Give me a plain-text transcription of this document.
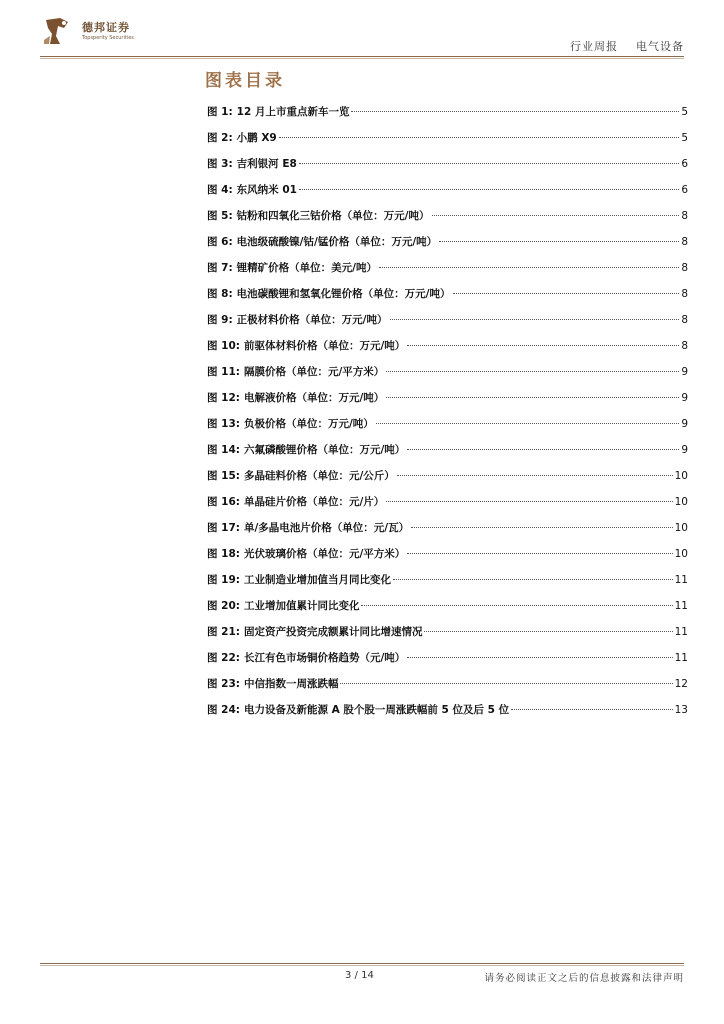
德邦证券
Topsperity Securities
行业周报 电气设备
图表目录
图 1: 12 月上市重点新车一览	5
图 2: 小鹏 X9	5
图 3: 吉利银河 E8	6
图 4: 东风纳米 01	6
图 5: 钴粉和四氧化三钴价格（单位：万元/吨）	8
图 6: 电池级硫酸镍/钴/锰价格（单位：万元/吨）	8
图 7: 锂精矿价格（单位：美元/吨）	8
图 8: 电池碳酸锂和氢氧化锂价格（单位：万元/吨）	8
图 9: 正极材料价格（单位：万元/吨）	8
图 10: 前驱体材料价格（单位：万元/吨）	8
图 11: 隔膜价格（单位：元/平方米）	9
图 12: 电解液价格（单位：万元/吨）	9
图 13: 负极价格（单位：万元/吨）	9
图 14: 六氟磷酸锂价格（单位：万元/吨）	9
图 15: 多晶硅料价格（单位：元/公斤）	10
图 16: 单晶硅片价格（单位：元/片）	10
图 17: 单/多晶电池片价格（单位：元/瓦）	10
图 18: 光伏玻璃价格（单位：元/平方米）	10
图 19: 工业制造业增加值当月同比变化	11
图 20: 工业增加值累计同比变化	11
图 21: 固定资产投资完成额累计同比增速情况	11
图 22: 长江有色市场铜价格趋势（元/吨）	11
图 23: 中信指数一周涨跌幅	12
图 24: 电力设备及新能源 A 股个股一周涨跌幅前 5 位及后 5 位	13
3 / 14	请务必阅读正文之后的信息披露和法律声明
